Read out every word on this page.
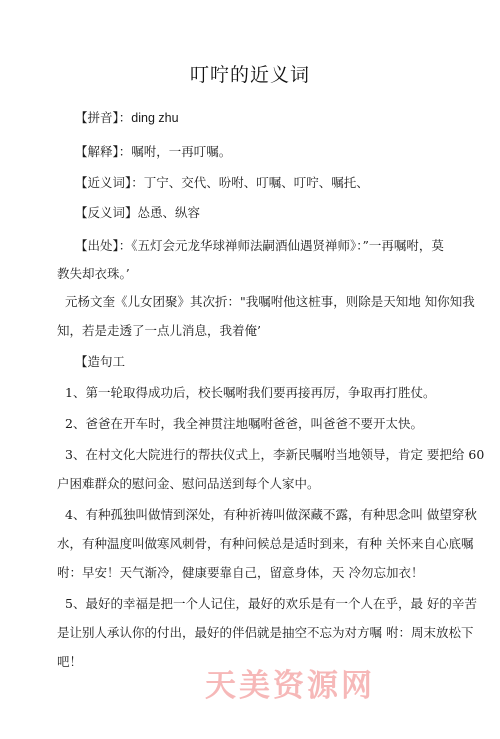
叮咛的近义词
【拼音】：ding zhu
【解释】：嘱咐，一再叮嘱。
【近义词】：丁宁、交代、吩咐、叮嘱、叮咛、嘱托、
【反义词】怂恿、纵容
【出处】：《五灯会元龙华球禅师法嗣酒仙遇贤禅师》：”一再嘱咐，莫
教失却衣珠。’
元杨文奎《儿女团聚》其次折："我嘱咐他这桩事，则除是天知地 知你知我
知，若是走透了一点儿消息，我着俺’
【造句工
1、第一轮取得成功后，校长嘱咐我们要再接再厉，争取再打胜仗。
2、爸爸在开车时，我全神贯注地嘱咐爸爸，叫爸爸不要开太快。
3、在村文化大院进行的帮扶仪式上，李新民嘱咐当地领导，肯定 要把给 60
户困难群众的慰问金、慰问品送到每个人家中。
4、有种孤独叫做情到深处，有种祈祷叫做深藏不露，有种思念叫 做望穿秋
水，有种温度叫做寒风刺骨，有种问候总是适时到来，有种 关怀来自心底嘱
咐：早安！天气渐冷，健康要靠自己，留意身体，天 冷勿忘加衣！
5、最好的幸福是把一个人记住，最好的欢乐是有一个人在乎，最 好的辛苦
是让别人承认你的付出，最好的伴侣就是抽空不忘为对方嘱 咐：周末放松下
吧！
天美资源网
